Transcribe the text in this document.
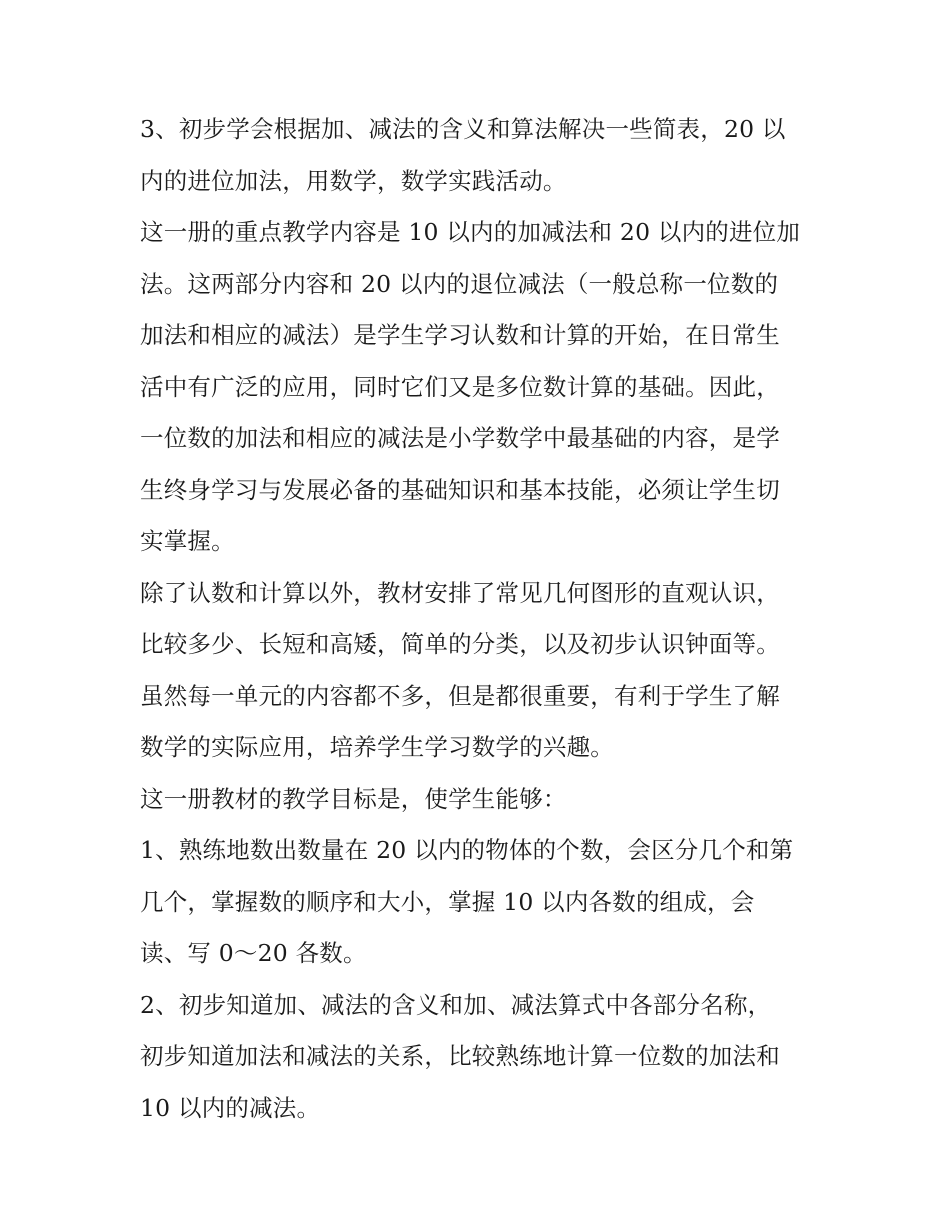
3、初步学会根据加、减法的含义和算法解决一些简表，20 以
内的进位加法，用数学，数学实践活动。

这一册的重点教学内容是 10 以内的加减法和 20 以内的进位加
法。这两部分内容和 20 以内的退位减法（一般总称一位数的
加法和相应的减法）是学生学习认数和计算的开始，在日常生
活中有广泛的应用，同时它们又是多位数计算的基础。因此，
一位数的加法和相应的减法是小学数学中最基础的内容，是学
生终身学习与发展必备的基础知识和基本技能，必须让学生切
实掌握。

除了认数和计算以外，教材安排了常见几何图形的直观认识，
比较多少、长短和高矮，简单的分类，以及初步认识钟面等。
虽然每一单元的内容都不多，但是都很重要，有利于学生了解
数学的实际应用，培养学生学习数学的兴趣。

这一册教材的教学目标是，使学生能够：

1、熟练地数出数量在 20 以内的物体的个数，会区分几个和第
几个，掌握数的顺序和大小，掌握 10 以内各数的组成，会
读、写 0～20 各数。

2、初步知道加、减法的含义和加、减法算式中各部分名称，
初步知道加法和减法的关系，比较熟练地计算一位数的加法和
10 以内的减法。
